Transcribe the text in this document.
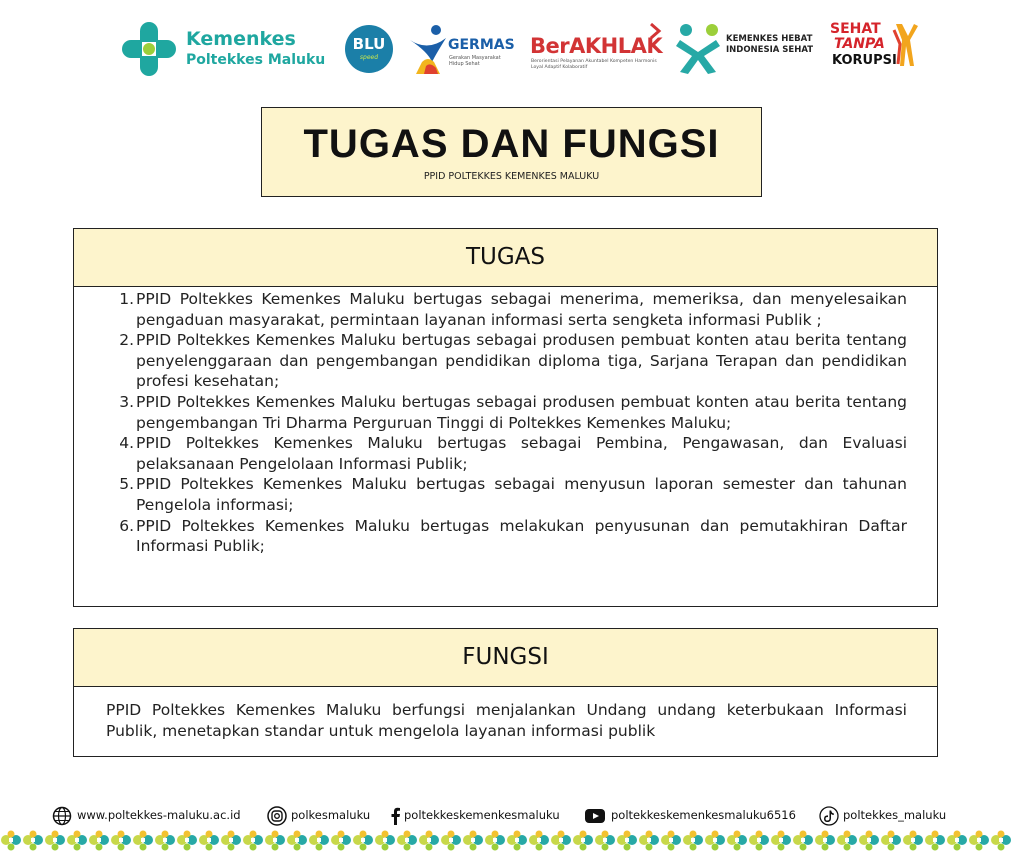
Kemenkes
Poltekkes Maluku
BLU
speed
GERMAS
Gerakan Masyarakat Hidup Sehat
BerAKHLAK
Berorientasi Pelayanan Akuntabel Kompeten Harmonis Loyal Adaptif Kolaboratif
KEMENKES HEBAT
INDONESIA SEHAT
SEHAT
TANPA
KORUPSI
TUGAS DAN FUNGSI
PPID POLTEKKES KEMENKES MALUKU
TUGAS
1. PPID Poltekkes Kemenkes Maluku bertugas sebagai menerima, memeriksa, dan menyelesaikan pengaduan masyarakat, permintaan layanan informasi serta sengketa informasi Publik ;
2. PPID Poltekkes Kemenkes Maluku bertugas sebagai produsen pembuat konten atau berita tentang penyelenggaraan dan pengembangan pendidikan diploma tiga, Sarjana Terapan dan pendidikan profesi kesehatan;
3. PPID Poltekkes Kemenkes Maluku bertugas sebagai produsen pembuat konten atau berita tentang pengembangan Tri Dharma Perguruan Tinggi di Poltekkes Kemenkes Maluku;
4. PPID Poltekkes Kemenkes Maluku bertugas sebagai Pembina, Pengawasan, dan Evaluasi pelaksanaan Pengelolaan Informasi Publik;
5. PPID Poltekkes Kemenkes Maluku bertugas sebagai menyusun laporan semester dan tahunan Pengelola informasi;
6. PPID Poltekkes Kemenkes Maluku bertugas melakukan penyusunan dan pemutakhiran Daftar Informasi Publik;
FUNGSI
PPID Poltekkes Kemenkes Maluku berfungsi menjalankan Undang undang keterbukaan Informasi Publik, menetapkan standar untuk mengelola layanan informasi publik
www.poltekkes-maluku.ac.id	polkesmaluku	poltekkeskemenkesmaluku	poltekkeskemenkesmaluku6516	poltekkes_maluku
